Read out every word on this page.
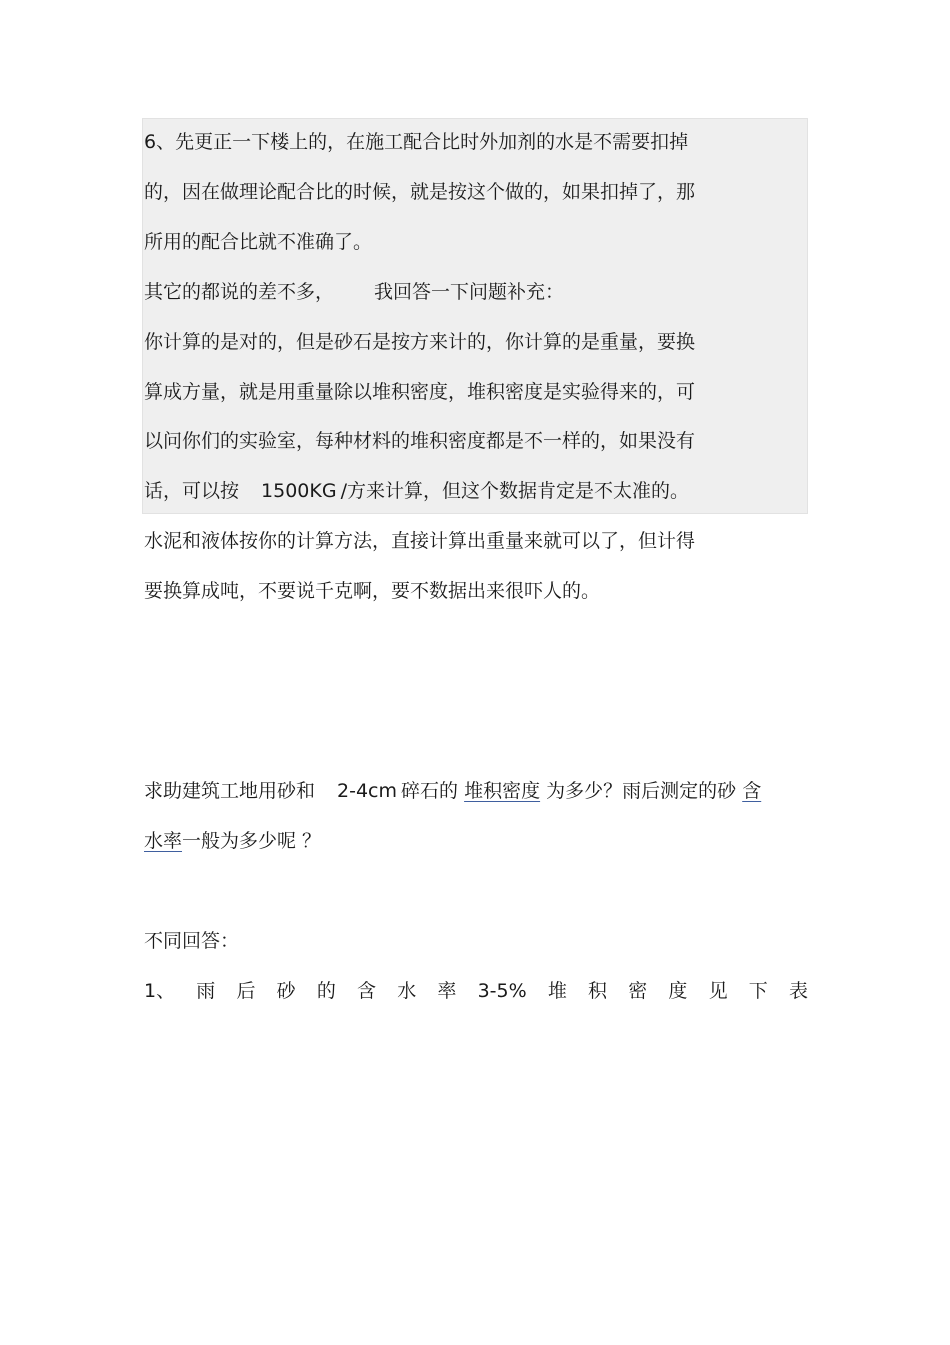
6、先更正一下楼上的，在施工配合比时外加剂的水是不需要扣掉
的，因在做理论配合比的时候，就是按这个做的，如果扣掉了，那
所用的配合比就不准确了。
其它的都说的差不多， 我回答一下问题补充：
你计算的是对的，但是砂石是按方来计的，你计算的是重量，要换
算成方量，就是用重量除以堆积密度，堆积密度是实验得来的，可
以问你们的实验室，每种材料的堆积密度都是不一样的，如果没有
话，可以按 1500KG /方来计算，但这个数据肯定是不太准的。
水泥和液体按你的计算方法，直接计算出重量来就可以了，但计得
要换算成吨，不要说千克啊，要不数据出来很吓人的。
求助建筑工地用砂和 2-4cm 碎石的 堆积密度 为多少？雨后测定的砂 含
水率一般为多少呢 ？
不同回答：
1、 雨 后 砂 的 含 水 率 3-5% 堆 积 密 度 见 下 表
